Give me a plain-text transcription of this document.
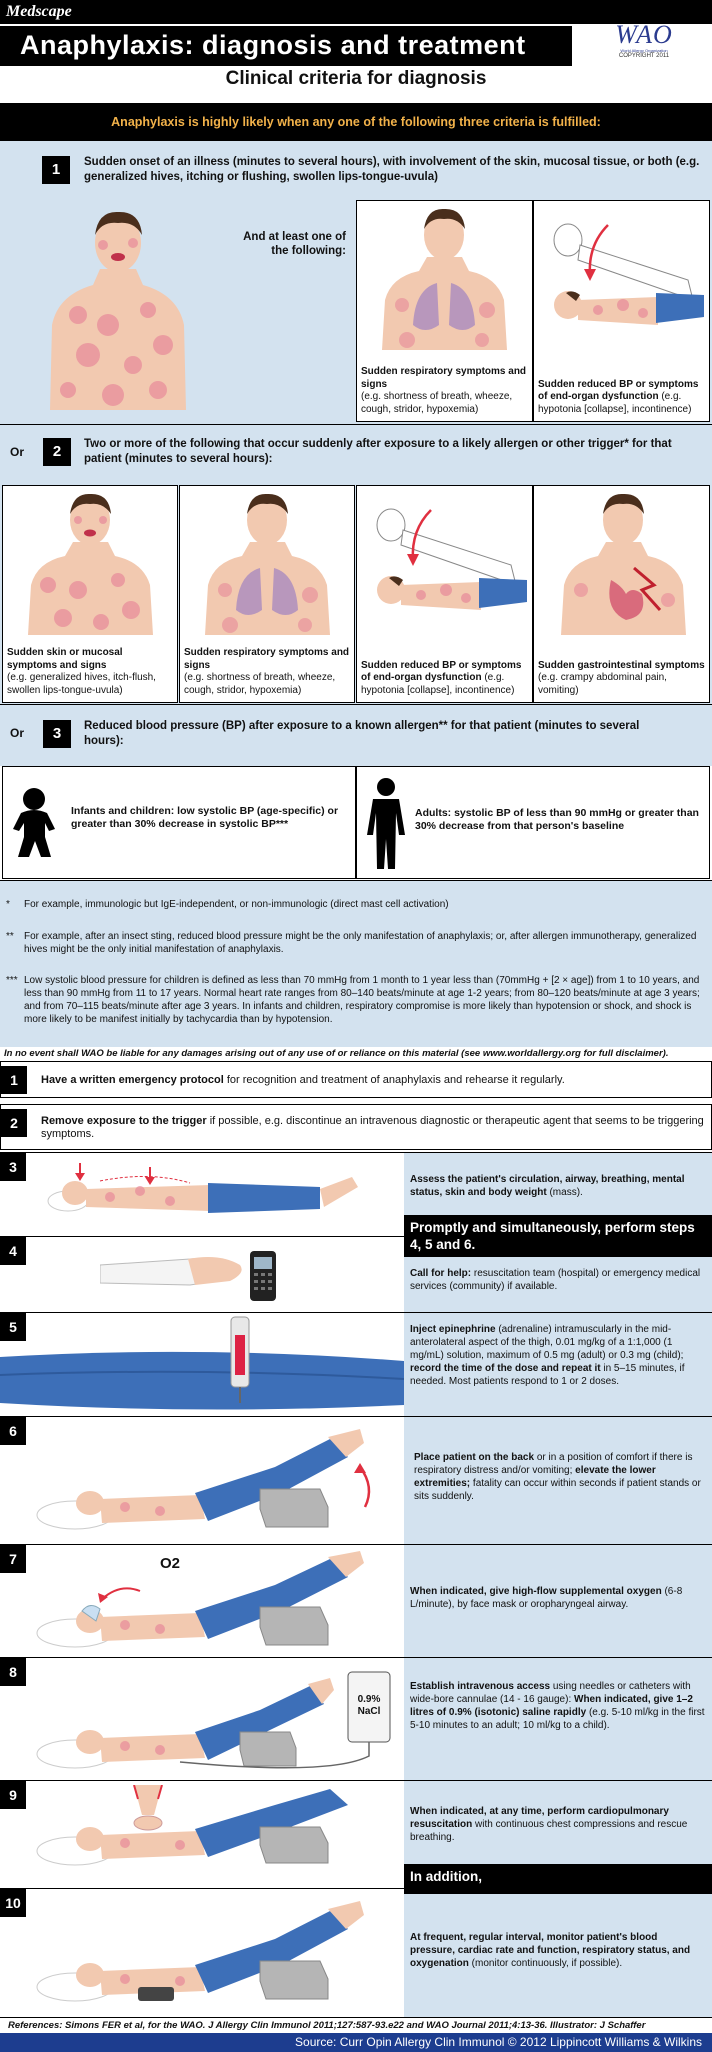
Medscape
Anaphylaxis: diagnosis and treatment	WAO
World Allergy Organization
COPYRIGHT 2011
Clinical criteria for diagnosis
Anaphylaxis is highly likely when any one of the following three criteria is fulfilled:
1	Sudden onset of an illness (minutes to several hours), with involvement of the skin, mucosal tissue, or both (e.g. generalized hives, itching or flushing, swollen lips-tongue-uvula)
And at least one of the following:
Sudden respiratory symptoms and signs
(e.g. shortness of breath, wheeze, cough, stridor, hypoxemia)
Sudden reduced BP or symptoms of end-organ dysfunction (e.g. hypotonia [collapse], incontinence)
Or	2	Two or more of the following that occur suddenly after exposure to a likely allergen or other trigger* for that patient (minutes to several hours):
Sudden skin or mucosal symptoms and signs
(e.g. generalized hives, itch-flush, swollen lips-tongue-uvula)
Sudden respiratory symptoms and signs
(e.g. shortness of breath, wheeze, cough, stridor, hypoxemia)
Sudden reduced BP or symptoms of end-organ dysfunction (e.g. hypotonia [collapse], incontinence)
Sudden gastrointestinal symptoms (e.g. crampy abdominal pain, vomiting)
Or	3	Reduced blood pressure (BP) after exposure to a known allergen** for that patient (minutes to several hours):
Infants and children: low systolic BP (age-specific) or greater than 30% decrease in systolic BP***
Adults: systolic BP of less than 90 mmHg or greater than 30% decrease from that person's baseline
*	For example, immunologic but IgE-independent, or non-immunologic (direct mast cell activation)
**	For example, after an insect sting, reduced blood pressure might be the only manifestation of anaphylaxis; or, after allergen immunotherapy, generalized hives might be the only initial manifestation of anaphylaxis.
*** Low systolic blood pressure for children is defined as less than 70 mmHg from 1 month to 1 year less than (70mmHg + [2 × age]) from 1 to 10 years, and less than 90 mmHg from 11 to 17 years. Normal heart rate ranges from 80–140 beats/minute at age 1-2 years; from 80–120 beats/minute at age 3 years; and from 70–115 beats/minute after age 3 years. In infants and children, respiratory compromise is more likely than hypotension or shock, and shock is more likely to be manifest initially by tachycardia than by hypotension.
In no event shall WAO be liable for any damages arising out of any use of or reliance on this material (see www.worldallergy.org for full disclaimer).
1	Have a written emergency protocol for recognition and treatment of anaphylaxis and rehearse it regularly.
2	Remove exposure to the trigger if possible, e.g. discontinue an intravenous diagnostic or therapeutic agent that seems to be triggering symptoms.
3
Assess the patient's circulation, airway, breathing, mental status, skin and body weight (mass).
Promptly and simultaneously, perform steps 4, 5 and 6.
4
Call for help: resuscitation team (hospital) or emergency medical services (community) if available.
5	Inject epinephrine (adrenaline) intramuscularly in the mid-anterolateral aspect of the thigh, 0.01 mg/kg of a 1:1,000 (1 mg/mL) solution, maximum of 0.5 mg (adult) or 0.3 mg (child); record the time of the dose and repeat it in 5–15 minutes, if needed. Most patients respond to 1 or 2 doses.
6
Place patient on the back or in a position of comfort if there is respiratory distress and/or vomiting; elevate the lower extremities; fatality can occur within seconds if patient stands or sits suddenly.
7	O2
When indicated, give high-flow supplemental oxygen (6-8 L/minute), by face mask or oropharyngeal airway.
8
0.9% NaCl
Establish intravenous access using needles or catheters with wide-bore cannulae (14 - 16 gauge): When indicated, give 1–2 litres of 0.9% (isotonic) saline rapidly (e.g. 5-10 ml/kg in the first 5-10 minutes to an adult; 10 ml/kg to a child).
9
When indicated, at any time, perform cardiopulmonary resuscitation with continuous chest compressions and rescue breathing.
In addition,
10
At frequent, regular interval, monitor patient's blood pressure, cardiac rate and function, respiratory status, and oxygenation (monitor continuously, if possible).
References: Simons FER et al, for the WAO. J Allergy Clin Immunol 2011;127:587-93.e22 and WAO Journal 2011;4:13-36. Illustrator: J Schaffer
Source: Curr Opin Allergy Clin Immunol © 2012 Lippincott Williams & Wilkins
